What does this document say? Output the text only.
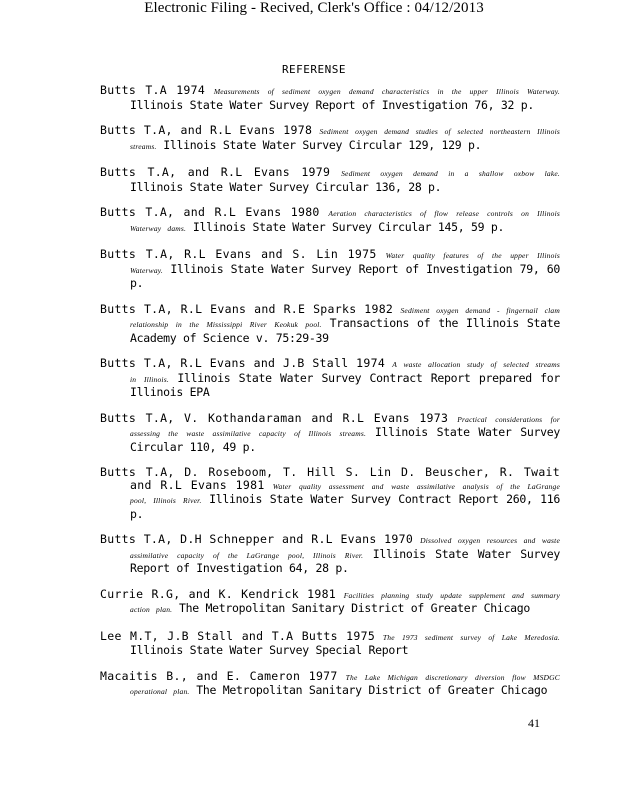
Electronic Filing - Recived, Clerk's Office : 04/12/2013
REFERENSE

Butts T.A 1974 Measurements of sediment oxygen demand characteristics in the upper Illinois Waterway. Illinois State Water Survey Report of Investigation 76, 32 p.

Butts T.A, and R.L Evans 1978 Sediment oxygen demand studies of selected northeastern Illinois streams. Illinois State Water Survey Circular 129, 129 p.

Butts T.A, and R.L Evans 1979 Sediment oxygen demand in a shallow oxbow lake. Illinois State Water Survey Circular 136, 28 p.

Butts T.A, and R.L Evans 1980 Aeration characteristics of flow release controls on Illinois Waterway dams. Illinois State Water Survey Circular 145, 59 p.

Butts T.A, R.L Evans and S. Lin 1975 Water quality features of the upper Illinois Waterway. Illinois State Water Survey Report of Investigation 79, 60 p.

Butts T.A, R.L Evans and R.E Sparks 1982 Sediment oxygen demand - fingernail clam relationship in the Mississippi River Keokuk pool. Transactions of the Illinois State Academy of Science v. 75:29-39

Butts T.A, R.L Evans and J.B Stall 1974 A waste allocation study of selected streams in Illinois. Illinois State Water Survey Contract Report prepared for Illinois EPA

Butts T.A, V. Kothandaraman and R.L Evans 1973 Practical considerations for assessing the waste assimilative capacity of Illinois streams. Illinois State Water Survey Circular 110, 49 p.

Butts T.A, D. Roseboom, T. Hill S. Lin D. Beuscher, R. Twait and R.L Evans 1981 Water quality assessment and waste assimilative analysis of the LaGrange pool, Illinois River. Illinois State Water Survey Contract Report 260, 116 p.

Butts T.A, D.H Schnepper and R.L Evans 1970 Dissolved oxygen resources and waste assimilative capacity of the LaGrange pool, Illinois River. Illinois State Water Survey Report of Investigation 64, 28 p.

Currie R.G, and K. Kendrick 1981 Facilities planning study update supplement and summary action plan. The Metropolitan Sanitary District of Greater Chicago

Lee M.T, J.B Stall and T.A Butts 1975 The 1973 sediment survey of Lake Meredosia. Illinois State Water Survey Special Report

Macaitis B., and E. Cameron 1977 The Lake Michigan discretionary diversion flow MSDGC operational plan. The Metropolitan Sanitary District of Greater Chicago

41
